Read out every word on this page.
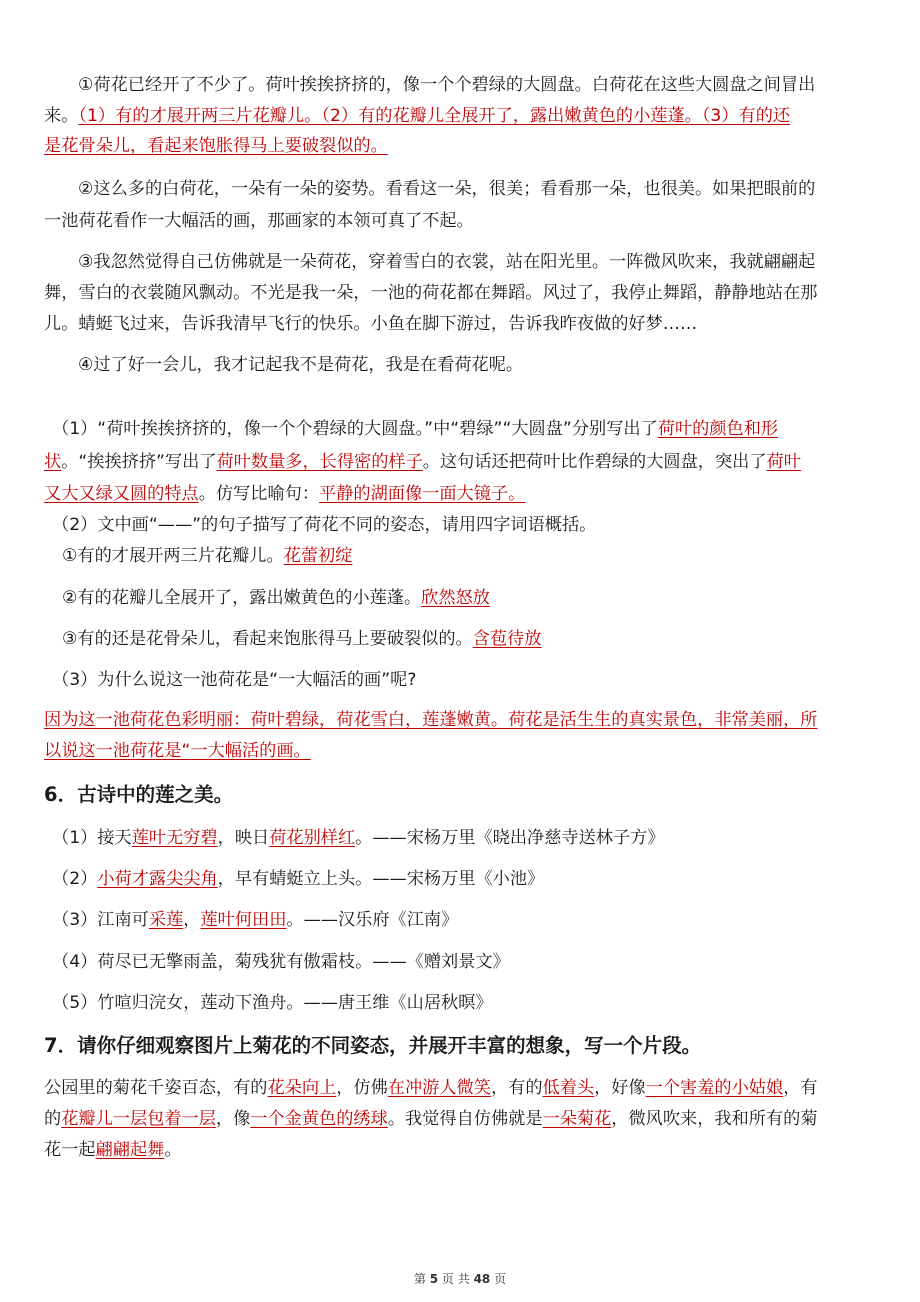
①荷花已经开了不少了。荷叶挨挨挤挤的，像一个个碧绿的大圆盘。白荷花在这些大圆盘之间冒出

来。（1）有的才展开两三片花瓣儿。（2）有的花瓣儿全展开了，露出嫩黄色的小莲蓬。（3）有的还

是花骨朵儿，看起来饱胀得马上要破裂似的。

②这么多的白荷花，一朵有一朵的姿势。看看这一朵，很美；看看那一朵，也很美。如果把眼前的

一池荷花看作一大幅活的画，那画家的本领可真了不起。

③我忽然觉得自己仿佛就是一朵荷花，穿着雪白的衣裳，站在阳光里。一阵微风吹来，我就翩翩起

舞，雪白的衣裳随风飘动。不光是我一朵，一池的荷花都在舞蹈。风过了，我停止舞蹈，静静地站在那

儿。蜻蜓飞过来，告诉我清早飞行的快乐。小鱼在脚下游过，告诉我昨夜做的好梦……

④过了好一会儿，我才记起我不是荷花，我是在看荷花呢。

（1）“荷叶挨挨挤挤的，像一个个碧绿的大圆盘。”中“碧绿”“大圆盘”分别写出了荷叶的颜色和形

状。“挨挨挤挤”写出了荷叶数量多，长得密的样子。这句话还把荷叶比作碧绿的大圆盘，突出了荷叶

又大又绿又圆的特点。仿写比喻句：平静的湖面像一面大镜子。

（2）文中画“——”的句子描写了荷花不同的姿态，请用四字词语概括。

①有的才展开两三片花瓣儿。花蕾初绽

②有的花瓣儿全展开了，露出嫩黄色的小莲蓬。欣然怒放

③有的还是花骨朵儿，看起来饱胀得马上要破裂似的。含苞待放

（3）为什么说这一池荷花是“一大幅活的画”呢?

因为这一池荷花色彩明丽：荷叶碧绿，荷花雪白，莲蓬嫩黄。荷花是活生生的真实景色，非常美丽，所

以说这一池荷花是“一大幅活的画。

6．古诗中的莲之美。

（1）接天莲叶无穷碧，映日荷花别样红。——宋杨万里《晓出净慈寺送林子方》

（2）小荷才露尖尖角，早有蜻蜓立上头。——宋杨万里《小池》

（3）江南可采莲，莲叶何田田。——汉乐府《江南》

（4）荷尽已无擎雨盖，菊残犹有傲霜枝。——《赠刘景文》

（5）竹喧归浣女，莲动下渔舟。——唐王维《山居秋暝》

7．请你仔细观察图片上菊花的不同姿态，并展开丰富的想象，写一个片段。

公园里的菊花千姿百态，有的花朵向上，仿佛在冲游人微笑，有的低着头，好像一个害羞的小姑娘，有

的花瓣儿一层包着一层，像一个金黄色的绣球。我觉得自仿佛就是一朵菊花，微风吹来，我和所有的菊

花一起翩翩起舞。

第 5 页 共 48 页
